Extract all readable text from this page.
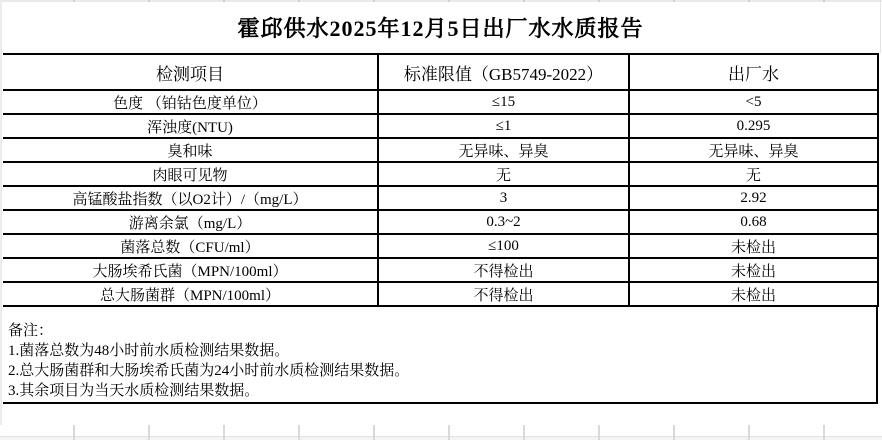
霍邱供水2025年12月5日出厂水水质报告
检测项目	标准限值（GB5749-2022）	出厂水
色度 （铂钴色度单位）	≤15	<5
浑浊度(NTU)	≤1	0.295
臭和味	无异味、异臭	无异味、异臭
肉眼可见物	无	无
高锰酸盐指数（以O2计）/（mg/L）	3	2.92
游离余氯（mg/L）	0.3~2	0.68
菌落总数（CFU/ml）	≤100	未检出
大肠埃希氏菌（MPN/100ml）	不得检出	未检出
总大肠菌群（MPN/100ml）	不得检出	未检出
备注：
1.菌落总数为48小时前水质检测结果数据。
2.总大肠菌群和大肠埃希氏菌为24小时前水质检测结果数据。
3.其余项目为当天水质检测结果数据。
